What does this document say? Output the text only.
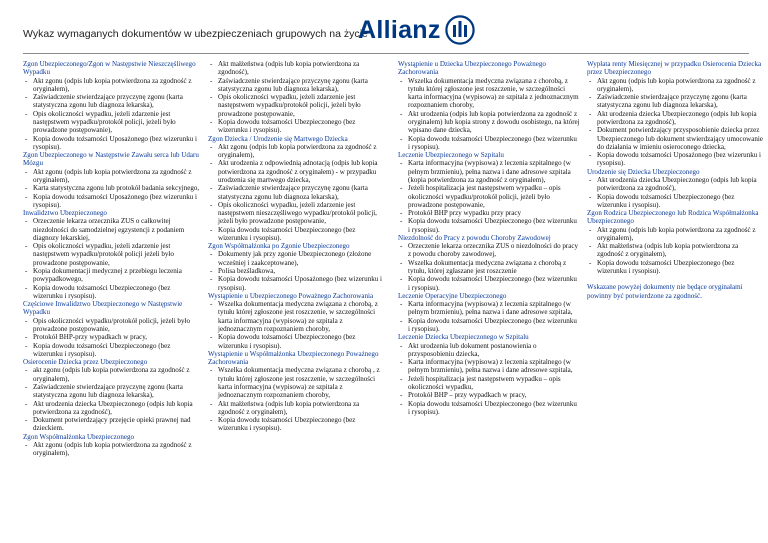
Wykaz wymaganych dokumentów w ubezpieczeniach grupowych na życie
Allianz
Zgon Ubezpieczonego/Zgon w Następstwie Nieszczęśliwego Wypadku
- Akt zgonu (odpis lub kopia potwierdzona za zgodność z oryginałem),
- Zaświadczenie stwierdzające przyczynę zgonu (karta statystyczna zgonu lub diagnoza lekarska),
- Opis okoliczności wypadku, jeżeli zdarzenie jest następstwem wypadku/protokół policji, jeżeli było prowadzone postępowanie),
- Kopia dowodu tożsamości Uposażonego (bez wizerunku i rysopisu).
Zgon Ubezpieczonego w Następstwie Zawału serca lub Udaru Mózgu
- Akt zgonu (odpis lub kopia potwierdzona za zgodność z oryginałem),
- Karta statystyczna zgonu lub protokół badania sekcyjnego,
- Kopia dowodu tożsamości Uposażonego (bez wizerunku i rysopisu).
Inwalidztwo Ubezpieczonego
- Orzeczenie lekarza orzecznika ZUS o całkowitej niezdolności do samodzielnej egzystencji z podaniem diagnozy lekarskiej,
- Opis okoliczności wypadku, jeżeli zdarzenie jest następstwem wypadku/protokół policji jeżeli było prowadzone postępowanie,
- Kopia dokumentacji medycznej z przebiegu leczenia powypadkowego,
- Kopia dowodu tożsamości Ubezpieczonego (bez wizerunku i rysopisu).
Częściowe Inwalidztwo Ubezpieczonego w Następstwie Wypadku
- Opis okoliczności wypadku/protokół policji, jeżeli było prowadzone postępowanie,
- Protokół BHP-przy wypadkach w pracy,
- Kopia dowodu tożsamości Ubezpieczonego (bez wizerunku i rysopisu).
Osierocenie Dziecka przez Ubezpieczonego
- akt zgonu (odpis lub kopia potwierdzona za zgodność z oryginałem),
- Zaświadczenie stwierdzające przyczynę zgonu (karta statystyczna zgonu lub diagnoza lekarska),
- Akt urodzenia dziecka Ubezpieczonego (odpis lub kopia potwierdzona za zgodność),
- Dokument potwierdzający przejęcie opieki prawnej nad dzieckiem.
Zgon Współmałżonka Ubezpieczonego
- Akt zgonu (odpis lub kopia potwierdzona za zgodność z oryginałem),
- Akt małżeństwa (odpis lub kopia potwierdzona za zgodność),
- Zaświadczenie stwierdzające przyczynę zgonu (karta statystyczna zgonu lub diagnoza lekarska),
- Opis okoliczności wypadku, jeżeli zdarzenie jest następstwem wypadku/protokół policji, jeżeli było prowadzone postępowanie,
- Kopia dowodu tożsamości Ubezpieczonego (bez wizerunku i rysopisu).
Zgon Dziecka / Urodzenie się Martwego Dziecka
- Akt zgonu (odpis lub kopia potwierdzona za zgodność z oryginałem),
- Akt urodzenia z odpowiednią adnotacją (odpis lub kopia potwierdzona za zgodność z oryginałem) - w przypadku urodzenia się martwego dziecka,
- Zaświadczenie stwierdzające przyczynę zgonu (karta statystyczna zgonu lub diagnoza lekarska),
- Opis okoliczności wypadku, jeżeli zdarzenie jest następstwem nieszczęśliwego wypadku/protokół policji, jeżeli było prowadzone postępowanie,
- Kopia dowodu tożsamości Ubezpieczonego (bez wizerunku i rysopisu).
Zgon Współmałżonka po Zgonie Ubezpieczonego
- Dokumenty jak przy zgonie Ubezpieczonego (złożone wcześniej i zaakceptowane),
- Polisa bezśladkowa,
- Kopia dowodu tożsamości Uposażonego (bez wizerunku i rysopisu).
Wystąpienie u Ubezpieczonego Poważnego Zachorowania
- Wszelka dokumentacja medyczna związana z chorobą, z tytułu której zgłoszone jest roszczenie, w szczególności karta informacyjna (wypisowa) ze szpitala z jednoznacznym rozpoznaniem choroby,
- Kopia dowodu tożsamości Ubezpieczonego (bez wizerunku i rysopisu).
Wystąpienie u Współmałżonka Ubezpieczonego Poważnego Zachorowania
- Wszelka dokumentacja medyczna związana z chorobą , z tytułu której zgłoszone jest roszczenie, w szczególności karta informacyjna (wypisowa) ze szpitala z jednoznacznym rozpoznaniem choroby,
- Akt małżeństwa (odpis lub kopia potwierdzona za zgodność z oryginałem),
- Kopia dowodu tożsamości Ubezpieczonego (bez wizerunku i rysopisu).
Wystąpienie u Dziecka Ubezpieczonego Poważnego Zachorowania
- Wszelka dokumentacja medyczna związana z chorobą, z tytułu której zgłoszone jest roszczenie, w szczególności karta informacyjna (wypisowa) ze szpitala z jednoznacznym rozpoznaniem choroby,
- Akt urodzenia (odpis lub kopia potwierdzona za zgodność z oryginałem) lub kopia strony z dowodu osobistego, na której wpisano dane dziecka,
- Kopia dowodu tożsamości Ubezpieczonego (bez wizerunku i rysopisu).
Leczenie Ubezpieczonego w Szpitalu
- Karta informacyjna (wypisowa) z leczenia szpitalnego (w pełnym brzmieniu), pełna nazwa i dane adresowe szpitala (kopia potwierdzona za zgodność z oryginałem),
- Jeżeli hospitalizacja jest następstwem wypadku – opis okoliczności wypadku/protokół policji, jeżeli było prowadzone postępowanie,
- Protokół BHP przy wypadku przy pracy
- Kopia dowodu tożsamości Ubezpieczonego (bez wizerunku i rysopisu).
Niezdolność do Pracy z powodu Choroby Zawodowej
- Orzeczenie lekarza orzecznika ZUS o niezdolności do pracy z powodu choroby zawodowej,
- Wszelka dokumentacja medyczna związana z chorobą z tytułu, której zgłaszane jest roszczenie
- Kopia dowodu tożsamości Ubezpieczonego (bez wizerunku i rysopisu).
Leczenie Operacyjne Ubezpieczonego
- Karta informacyjna (wypisowa) z leczenia szpitalnego (w pełnym brzmieniu), pełna nazwa i dane adresowe szpitala,
- Kopia dowodu tożsamości Ubezpieczonego (bez wizerunku i rysopisu).
Leczenie Dziecka Ubezpieczonego w Szpitalu
- Akt urodzenia lub dokument postanowienia o przysposobieniu dziecka,
- Karta informacyjna (wypisowa) z leczenia szpitalnego (w pełnym brzmieniu), pełna nazwa i dane adresowe szpitala,
- Jeżeli hospitalizacja jest następstwem wypadku – opis okoliczności wypadku,
- Protokół BHP – przy wypadkach w pracy,
- Kopia dowodu tożsamości Ubezpieczonego (bez wizerunku i rysopisu).
Wypłata renty Miesięcznej w przypadku Osierocenia Dziecka przez Ubezpieczonego
- Akt zgonu (odpis lub kopia potwierdzona za zgodność z oryginałem),
- Zaświadczenie stwierdzające przyczynę zgonu (karta statystyczna zgonu lub diagnoza lekarska),
- Akt urodzenia dziecka Ubezpieczonego (odpis lub kopia potwierdzona za zgodność),
- Dokument potwierdzający przysposobienie dziecka przez Ubezpieczonego lub dokument stwierdzający umocowanie do działania w imieniu osieroconego dziecka,
- Kopia dowodu tożsamości Uposażonego (bez wizerunku i rysopisu).
Urodzenie się Dziecka Ubezpieczonego
- Akt urodzenia dziecka Ubezpieczonego (odpis lub kopia potwierdzona za zgodność),
- Kopia dowodu tożsamości Ubezpieczonego (bez wizerunku i rysopisu).
Zgon Rodzica Ubezpieczonego lub Rodzica Współmałżonka Ubezpieczonego
- Akt zgonu (odpis lub kopia potwierdzona za zgodność z oryginałem),
- Akt małżeństwa (odpis lub kopia potwierdzona za zgodność z oryginałem),
- Kopia dowodu tożsamości Ubezpieczonego (bez wizerunku i rysopisu).
Wskazane powyżej dokumenty nie będące oryginałami powinny być potwierdzone za zgodność.
